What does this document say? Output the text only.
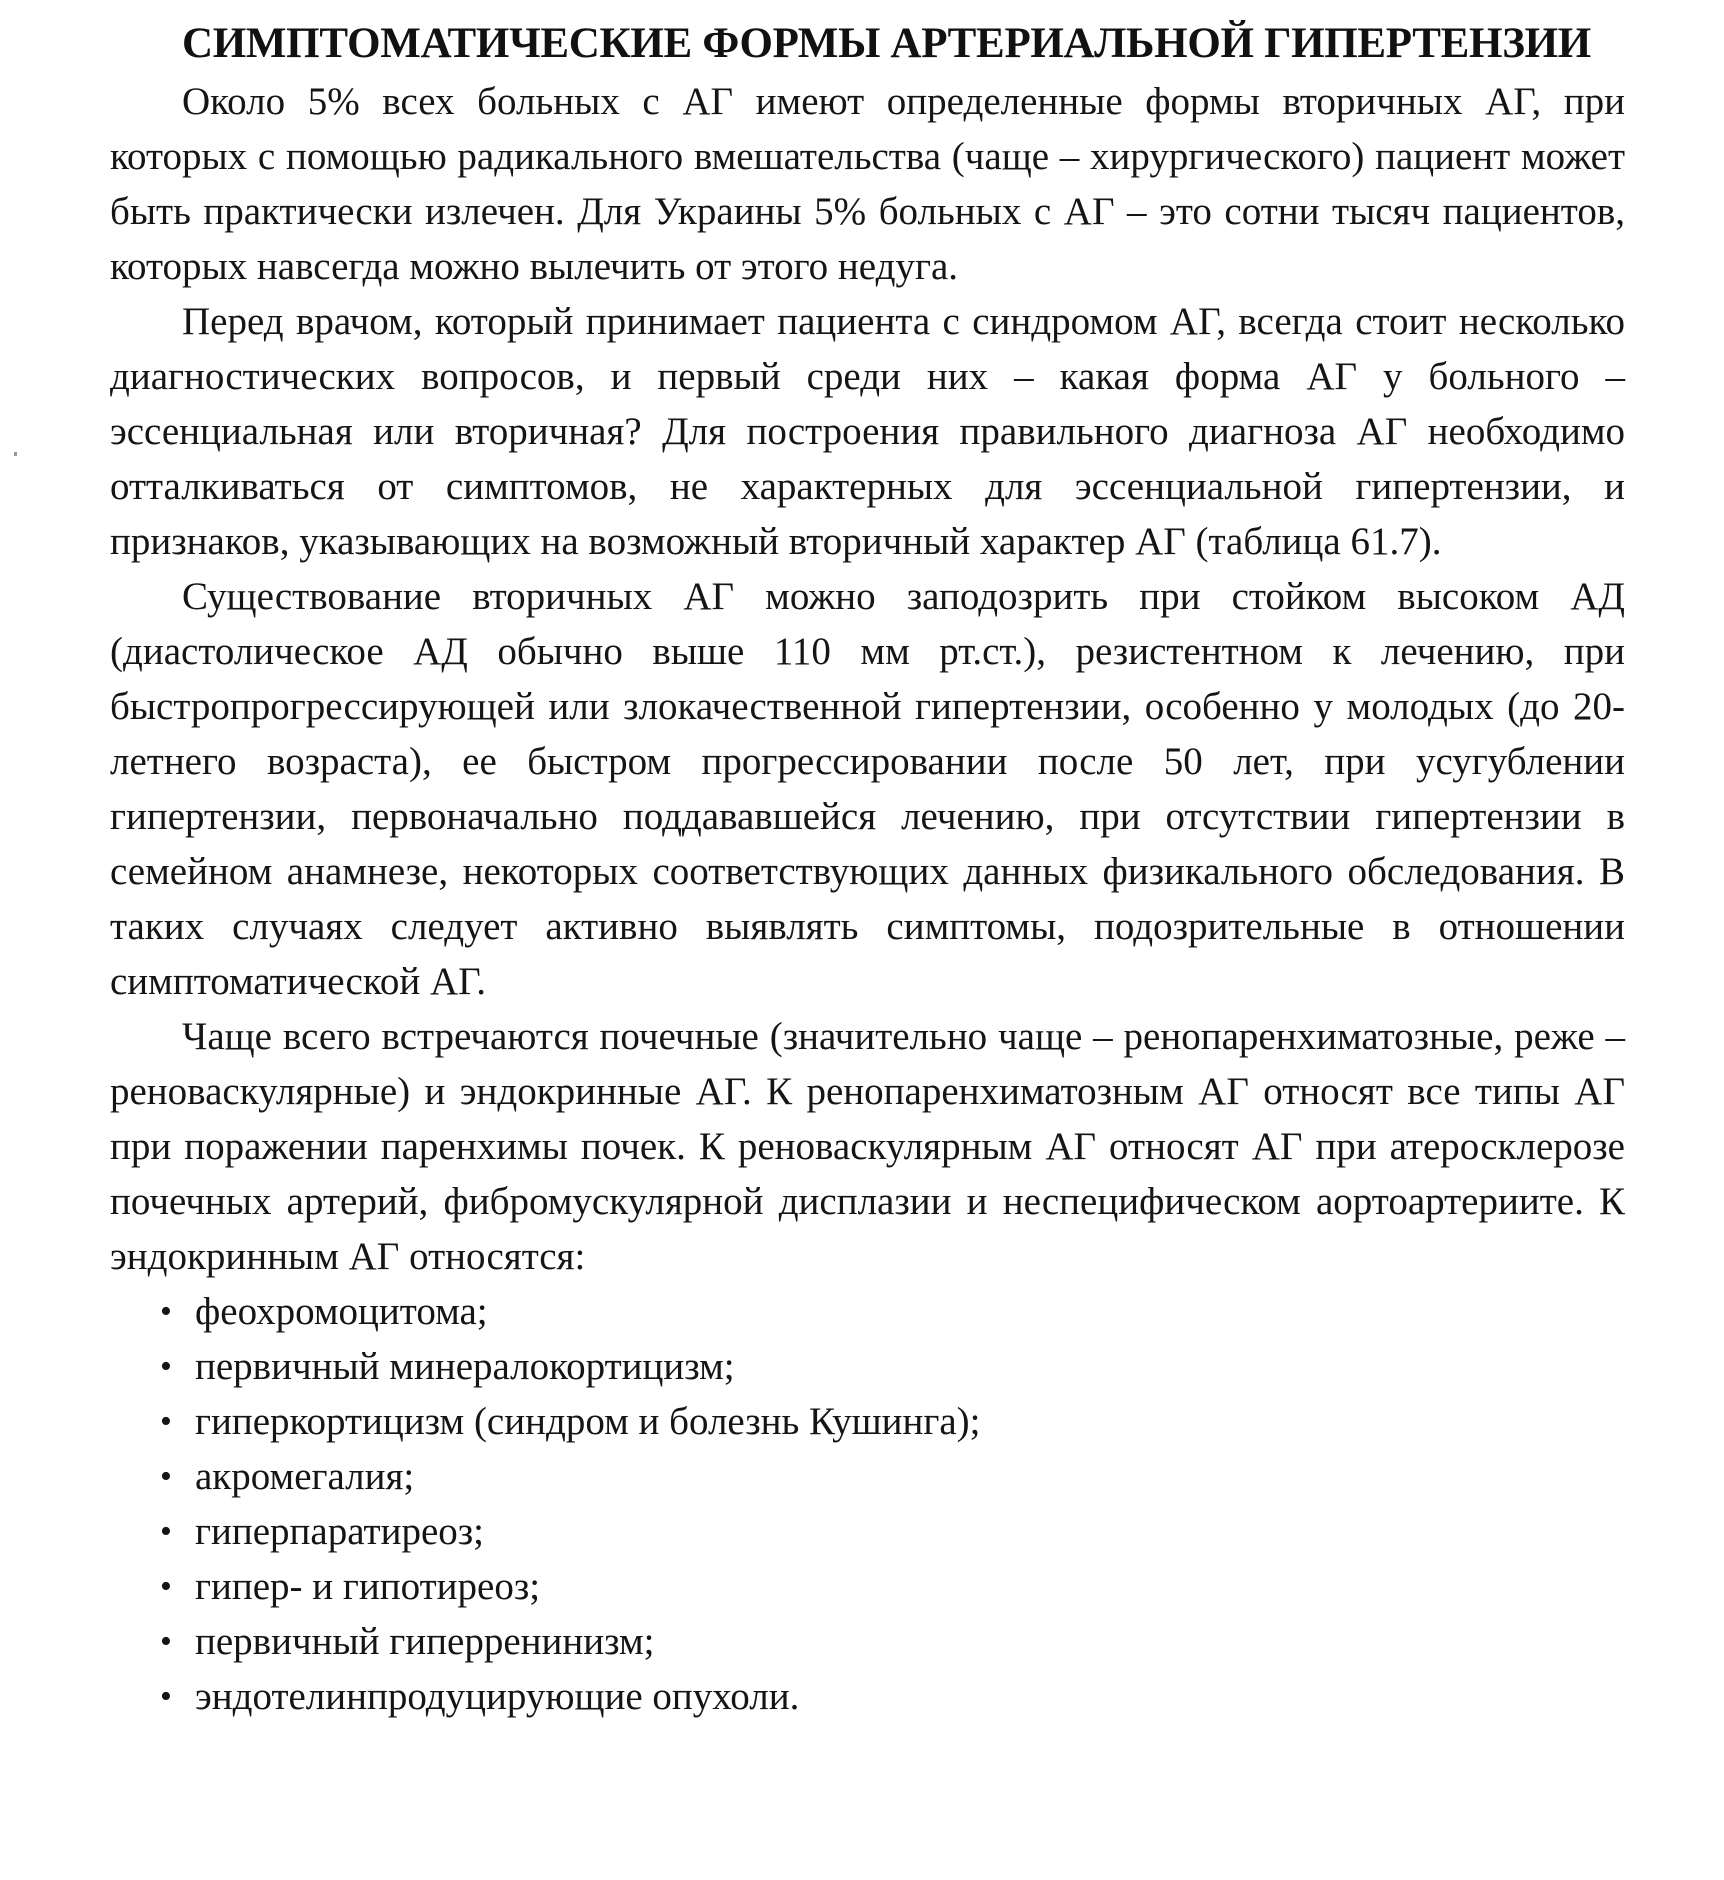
СИМПТОМАТИЧЕСКИЕ ФОРМЫ АРТЕРИАЛЬНОЙ ГИПЕРТЕНЗИИ

Около 5% всех больных с АГ имеют определенные формы вторичных АГ, при которых с помощью радикального вмешательства (чаще – хирургического) пациент может быть практически излечен. Для Украины 5% больных с АГ – это сотни тысяч пациентов, которых навсегда можно вылечить от этого недуга.

Перед врачом, который принимает пациента с синдромом АГ, всегда стоит несколько диагностических вопросов, и первый среди них – какая форма АГ у больного – эссенциальная или вторичная? Для построения правильного диагноза АГ необходимо отталкиваться от симптомов, не характерных для эссенциальной гипертензии, и признаков, указывающих на возможный вторичный характер АГ (таблица 61.7).

Существование вторичных АГ можно заподозрить при стойком высоком АД (диастолическое АД обычно выше 110 мм рт.ст.), резистентном к лечению, при быстропрогрессирующей или злокачественной гипертензии, особенно у молодых (до 20-летнего возраста), ее быстром прогрессировании после 50 лет, при усугублении гипертензии, первоначально поддававшейся лечению, при отсутствии гипертензии в семейном анамнезе, некоторых соответствующих данных физикального обследования. В таких случаях следует активно выявлять симптомы, подозрительные в отношении симптоматической АГ.

Чаще всего встречаются почечные (значительно чаще – ренопаренхиматозные, реже – реноваскулярные) и эндокринные АГ. К ренопаренхиматозным АГ относят все типы АГ при поражении паренхимы почек. К реноваскулярным АГ относят АГ при атеросклерозе почечных артерий, фибромускулярной дисплазии и неспецифическом аортоартериите. К эндокринным АГ относятся:

• феохромоцитома;
• первичный минералокортицизм;
• гиперкортицизм (синдром и болезнь Кушинга);
• акромегалия;
• гиперпаратиреоз;
• гипер- и гипотиреоз;
• первичный гиперренинизм;
• эндотелинпродуцирующие опухоли.
